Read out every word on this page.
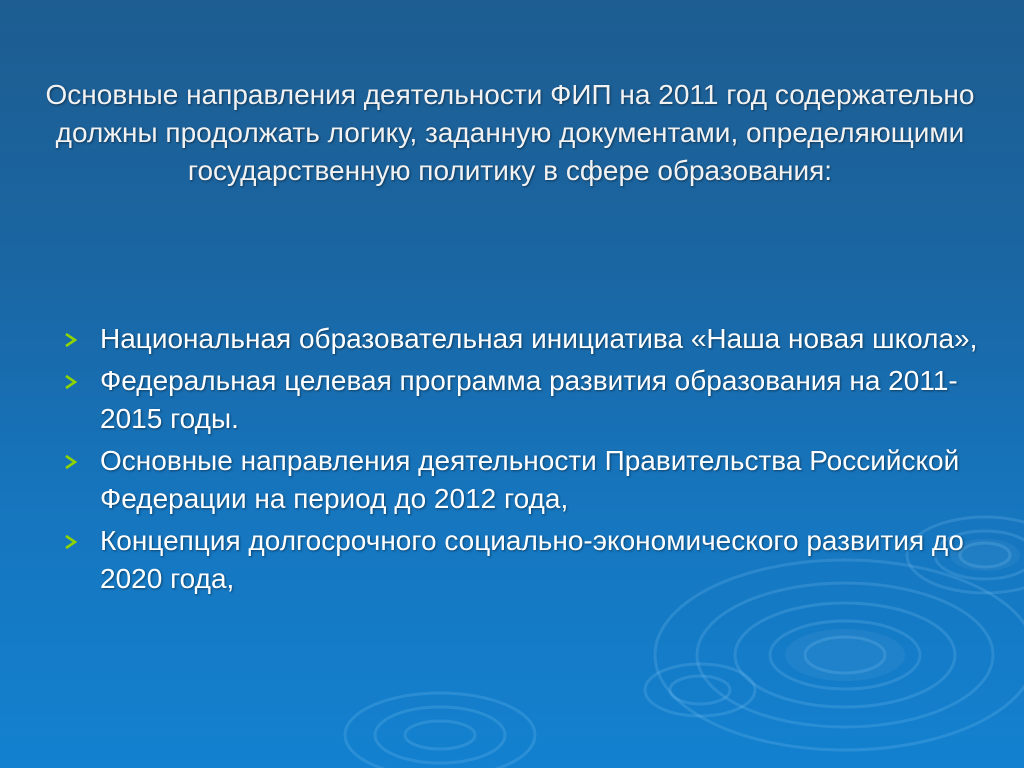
Основные направления деятельности ФИП на 2011 год содержательно должны продолжать логику, заданную документами, определяющими государственную политику в сфере образования:
Национальная образовательная инициатива «Наша новая школа»,
Федеральная целевая программа развития образования на 2011-2015 годы.
Основные направления деятельности Правительства Российской Федерации на период до 2012 года,
Концепция долгосрочного социально-экономического развития до 2020 года,
